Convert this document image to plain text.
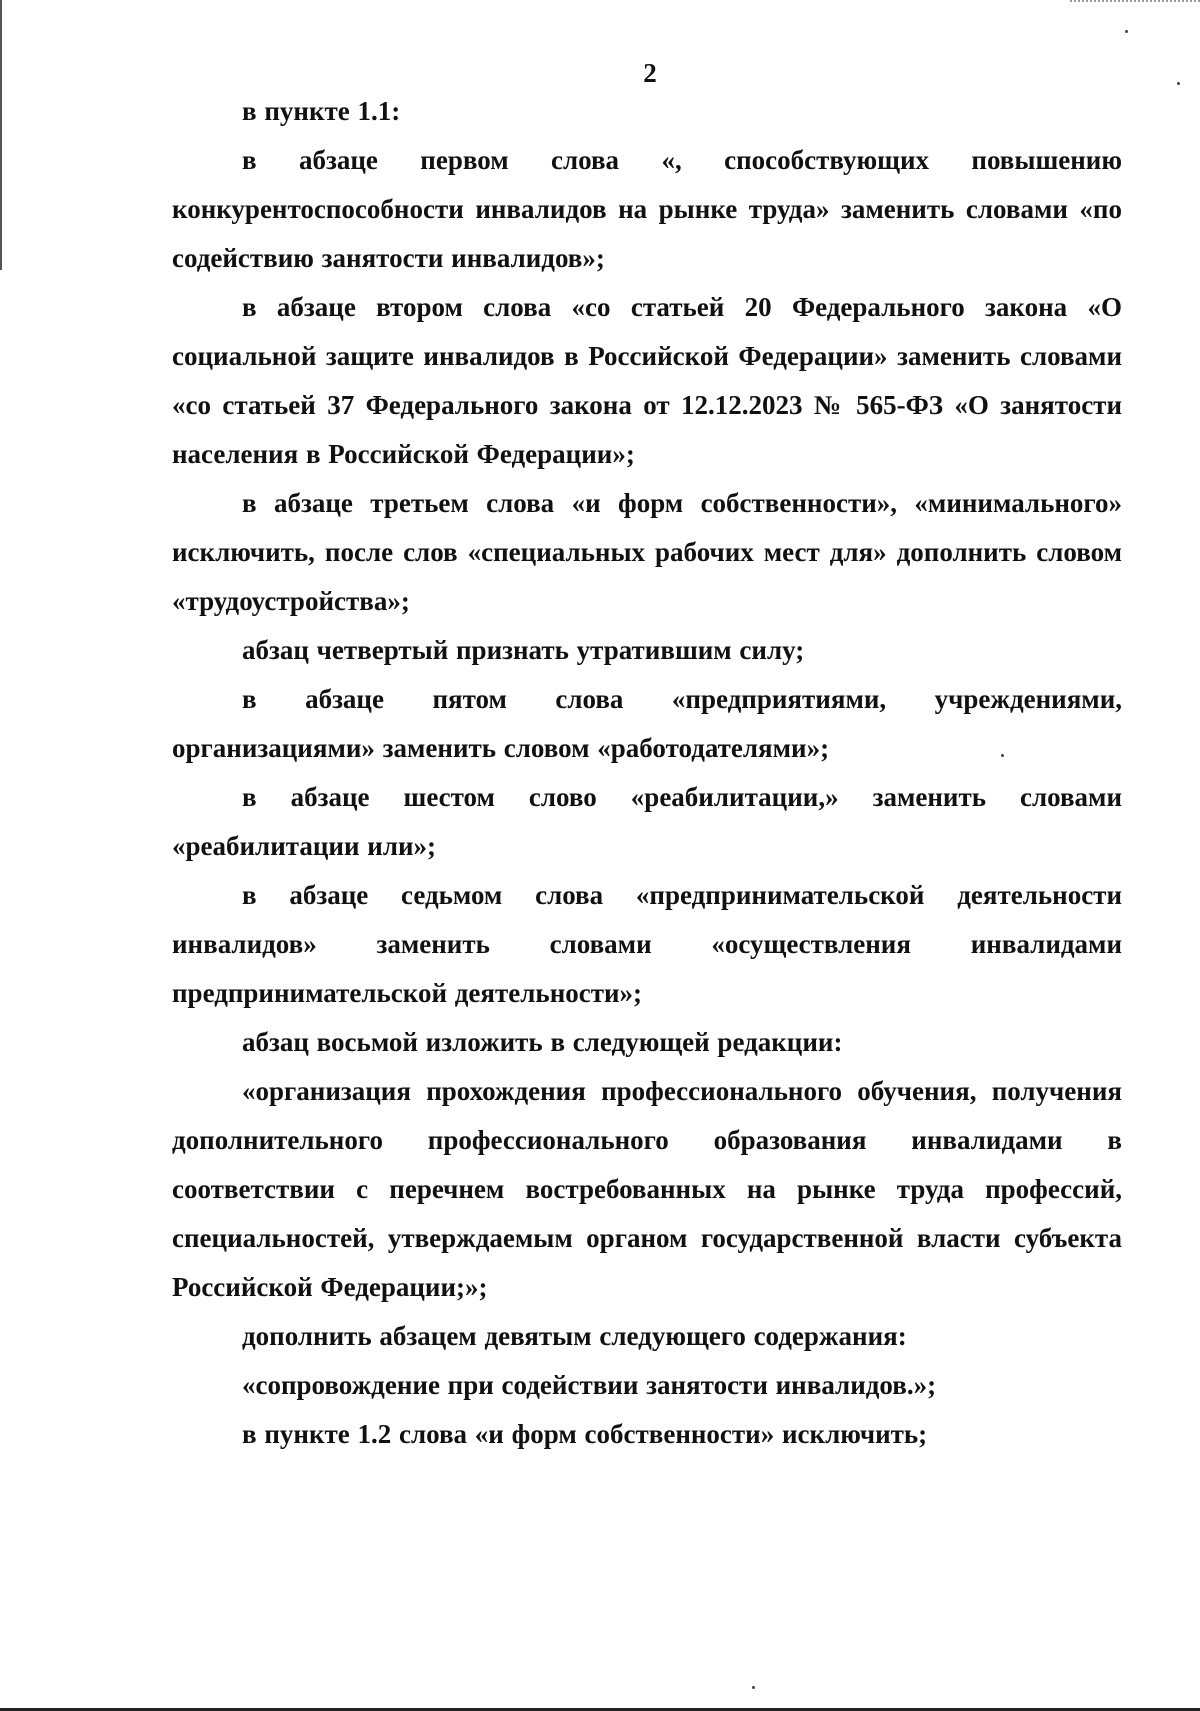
2

в пункте 1.1:

в абзаце первом слова «, способствующих повышению конкурентоспособности инвалидов на рынке труда» заменить словами «по содействию занятости инвалидов»;

в абзаце втором слова «со статьей 20 Федерального закона «О социальной защите инвалидов в Российской Федерации» заменить словами «со статьей 37 Федерального закона от 12.12.2023 № 565-ФЗ «О занятости населения в Российской Федерации»;

в абзаце третьем слова «и форм собственности», «минимального» исключить, после слов «специальных рабочих мест для» дополнить словом «трудоустройства»;

абзац четвертый признать утратившим силу;

в абзаце пятом слова «предприятиями, учреждениями, организациями» заменить словом «работодателями»;

в абзаце шестом слово «реабилитации,» заменить словами «реабилитации или»;

в абзаце седьмом слова «предпринимательской деятельности инвалидов» заменить словами «осуществления инвалидами предпринимательской деятельности»;

абзац восьмой изложить в следующей редакции:

«организация прохождения профессионального обучения, получения дополнительного профессионального образования инвалидами в соответствии с перечнем востребованных на рынке труда профессий, специальностей, утверждаемым органом государственной власти субъекта Российской Федерации;»;

дополнить абзацем девятым следующего содержания:

«сопровождение при содействии занятости инвалидов.»;

в пункте 1.2 слова «и форм собственности» исключить;
